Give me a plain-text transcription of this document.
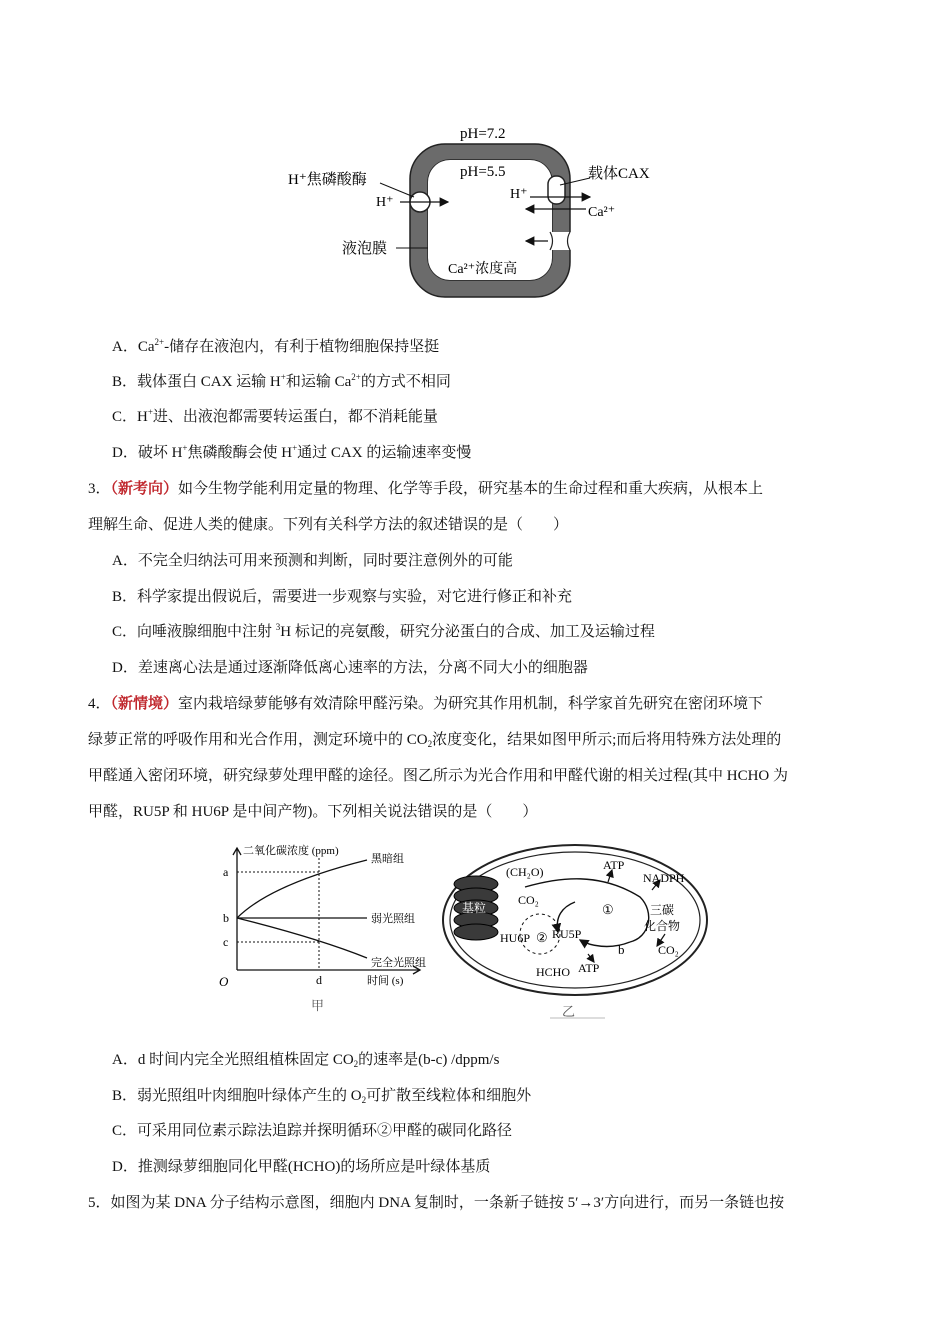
pH=7.2
pH=5.5
H⁺焦磷酸酶
H⁺
载体CAX
H⁺
Ca²⁺
液泡膜
Ca²⁺浓度高
A．$Ca^{2+}-$储存在液泡内，有利于植物细胞保持坚挺
B．载体蛋白 CAX 运输 H+和运输 $Ca^{2+}$的方式不相同
C．H+进、出液泡都需要转运蛋白，都不消耗能量
D．破坏 H+焦磷酸酶会使 H+通过 CAX 的运输速率变慢
3．（新考向）如今生物学能利用定量的物理、化学等手段，研究基本的生命过程和重大疾病，从根本上
理解生命、促进人类的健康。下列有关科学方法的叙述错误的是（　　）
A．不完全归纳法可用来预测和判断，同时要注意例外的可能
B．科学家提出假说后，需要进一步观察与实验，对它进行修正和补充
C．向唾液腺细胞中注射 $^3$H 标记的亮氨酸，研究分泌蛋白的合成、加工及运输过程
D．差速离心法是通过逐渐降低离心速率的方法，分离不同大小的细胞器
4．（新情境）室内栽培绿萝能够有效清除甲醛污染。为研究其作用机制，科学家首先研究在密闭环境下
绿萝正常的呼吸作用和光合作用，测定环境中的 $CO_2$浓度变化，结果如图甲所示;而后将用特殊方法处理的
甲醛通入密闭环境，研究绿萝处理甲醛的途径。图乙所示为光合作用和甲醛代谢的相关过程(其中 HCHO 为
甲醛，RU5P 和 HU6P 是中间产物)。下列相关说法错误的是（　　）
黑暗组
弱光照组
完全光照组
a
b
c
d
O
二氧化碳浓度 (ppm)
时间 (s)
甲
(CH₂O)	ATP
NADPH
①
CO₂
基粒
HU6P ② RU5P
三碳
化合物
b	CO₂
ATP
HCHO
乙
A．d 时间内完全光照组植株固定 $CO_2$的速率是(b-c) /dppm/s
B．弱光照组叶肉细胞叶绿体产生的 $O_2$可扩散至线粒体和细胞外
C．可采用同位素示踪法追踪并探明循环②甲醛的碳同化路径
D．推测绿萝细胞同化甲醛(HCHO)的场所应是叶绿体基质
5．如图为某 DNA 分子结构示意图，细胞内 DNA 复制时，一条新子链按 5′→3′方向进行，而另一条链也按
